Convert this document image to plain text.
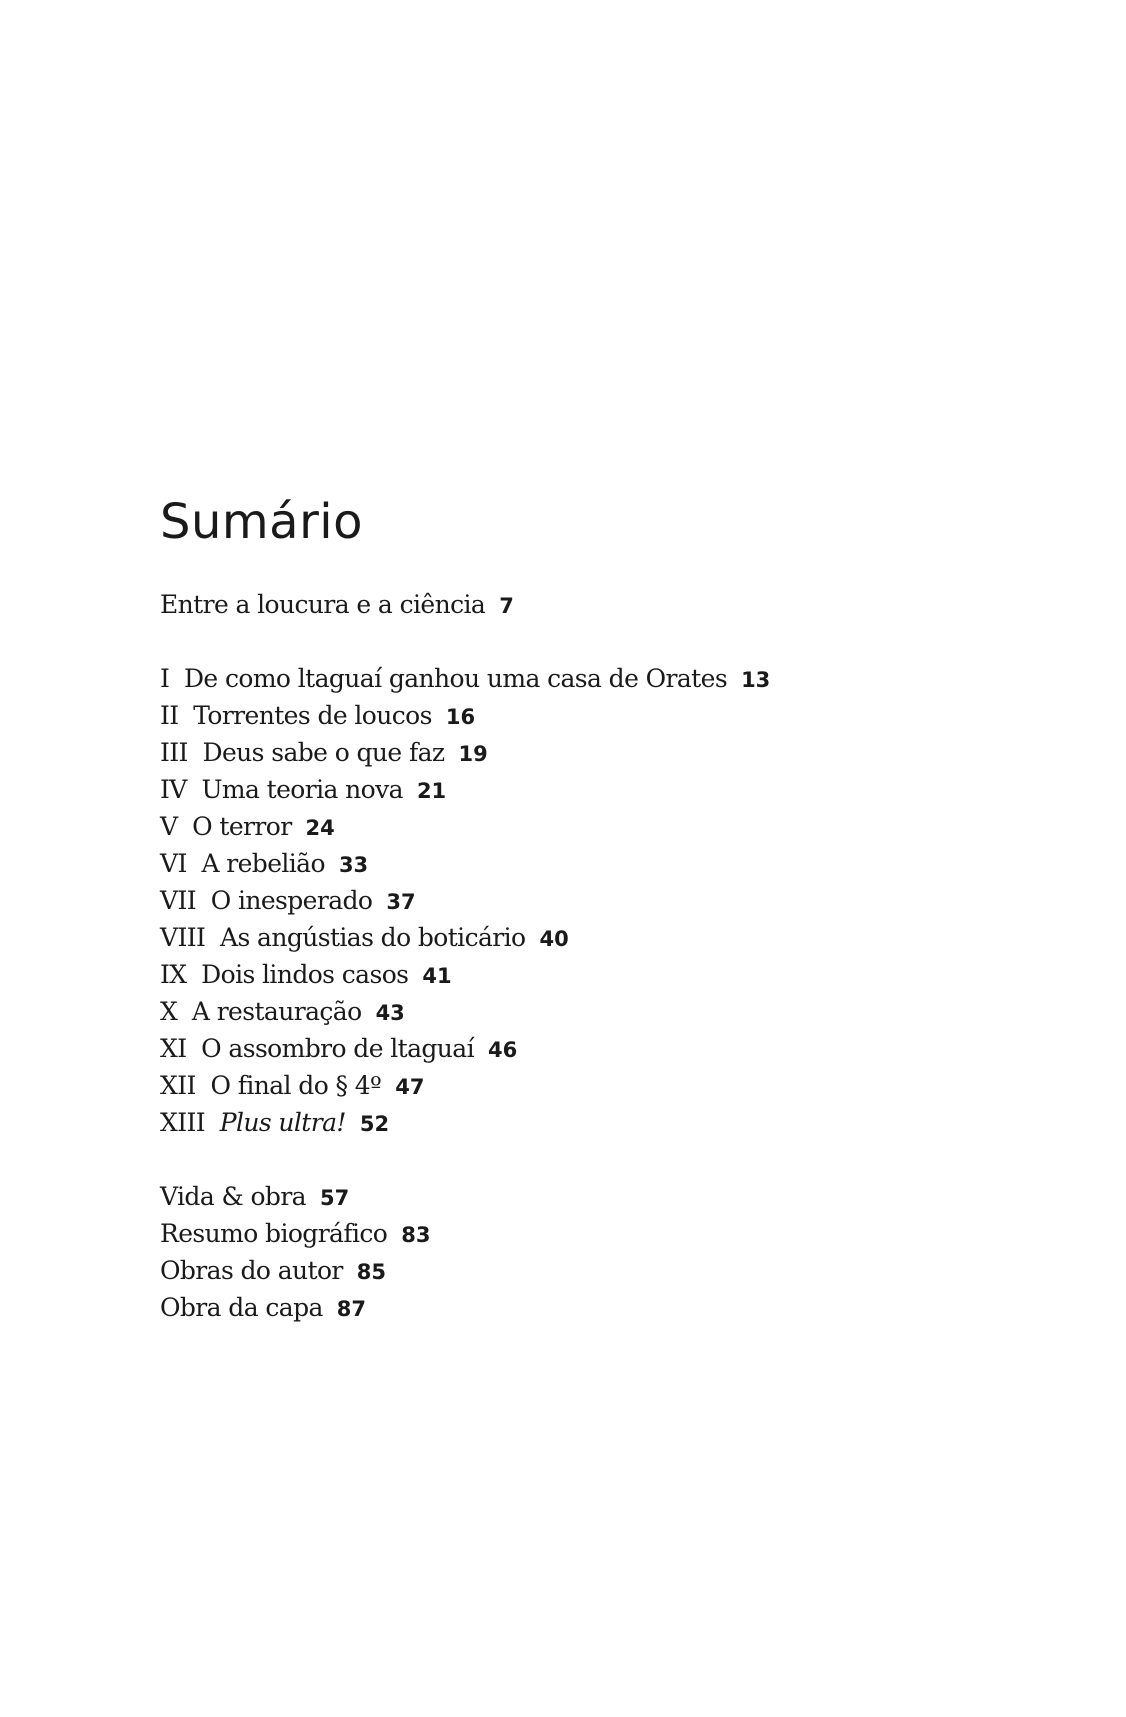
Sumário
Entre a loucura e a ciência 7
I  De como ltaguaí ganhou uma casa de Orates 13
II  Torrentes de loucos 16
III  Deus sabe o que faz 19
IV  Uma teoria nova 21
V  O terror 24
VI  A rebelião 33
VII  O inesperado 37
VIII  As angústias do boticário 40
IX  Dois lindos casos 41
X  A restauração 43
XI  O assombro de ltaguaí 46
XII  O final do § 4º 47
XIII  Plus ultra! 52
Vida & obra 57
Resumo biográfico 83
Obras do autor 85
Obra da capa 87
